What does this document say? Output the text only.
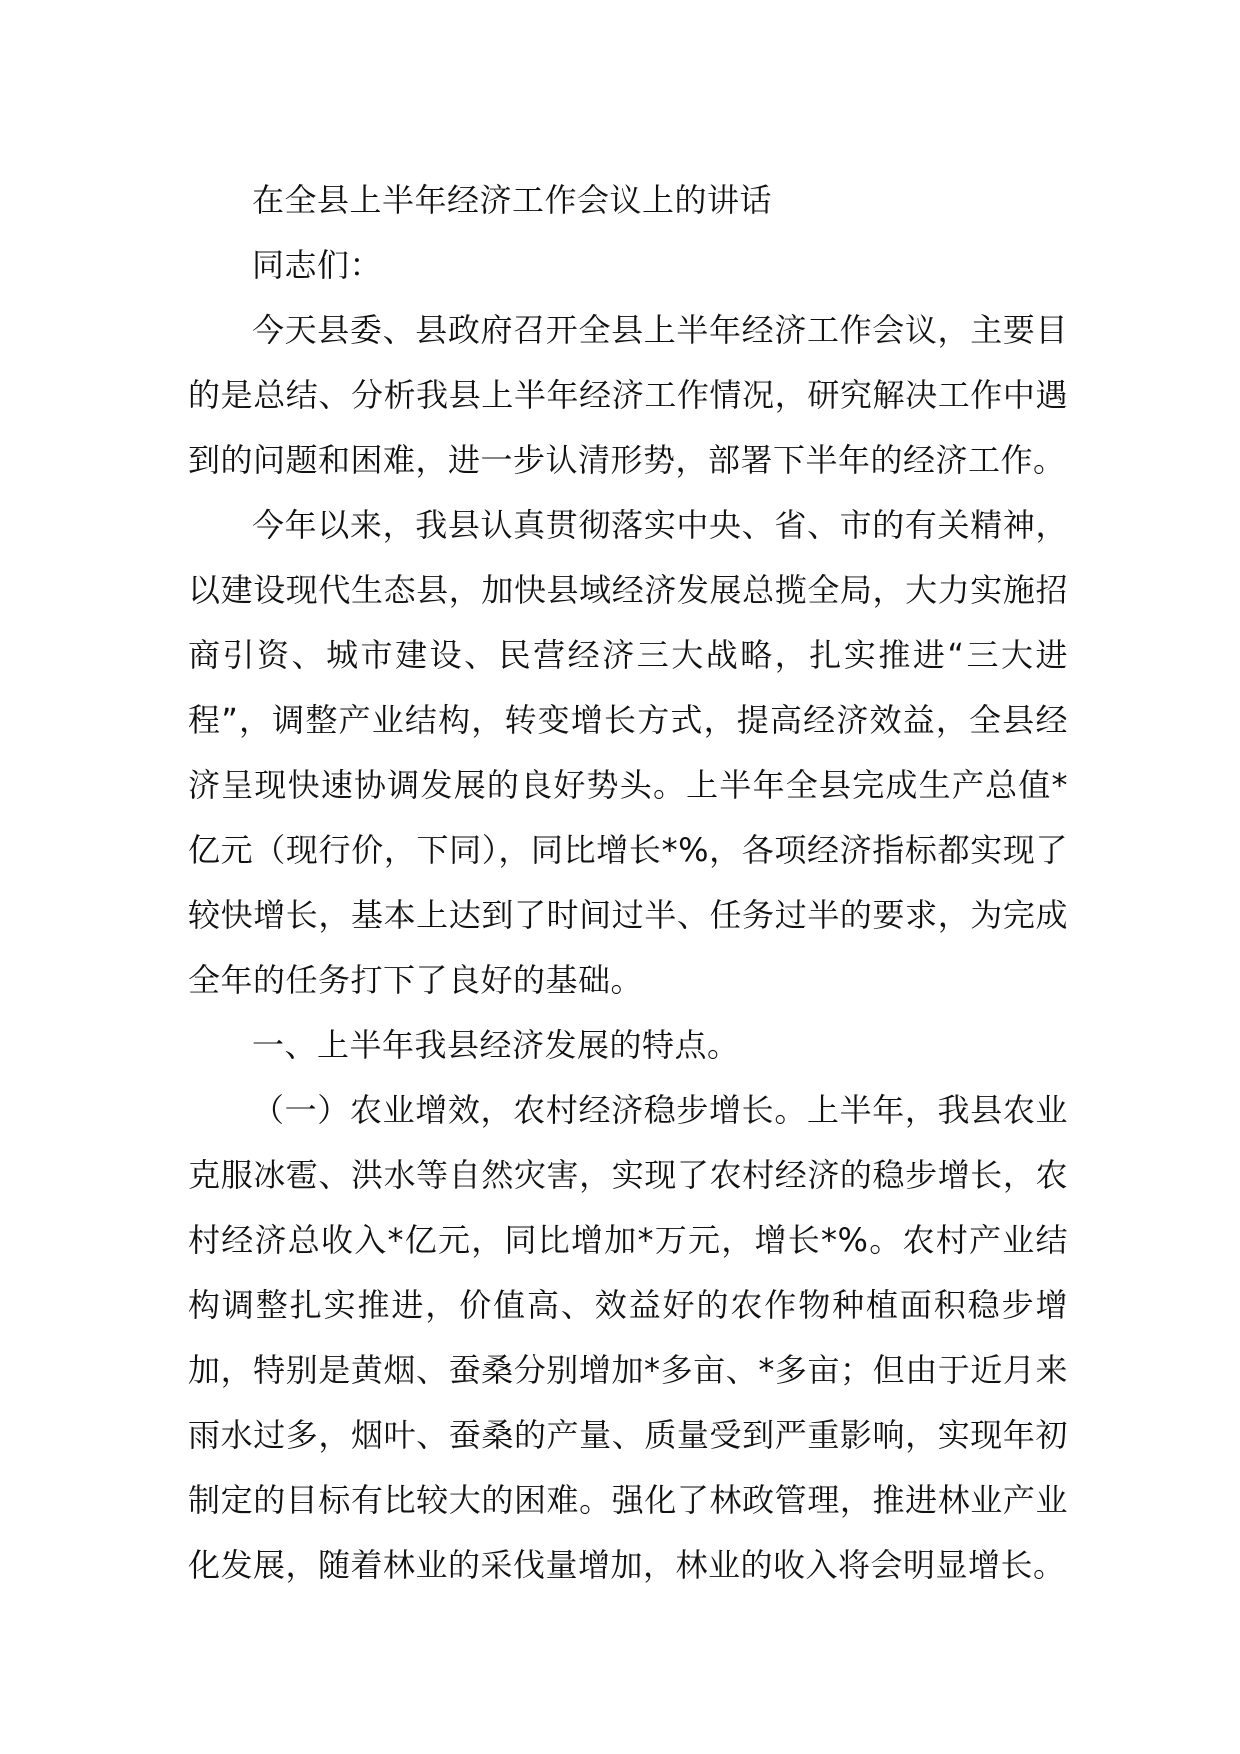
在全县上半年经济工作会议上的讲话

同志们：

今天县委、县政府召开全县上半年经济工作会议，主要目的是总结、分析我县上半年经济工作情况，研究解决工作中遇到的问题和困难，进一步认清形势，部署下半年的经济工作。

今年以来，我县认真贯彻落实中央、省、市的有关精神，以建设现代生态县，加快县域经济发展总揽全局，大力实施招商引资、城市建设、民营经济三大战略，扎实推进“三大进程”，调整产业结构，转变增长方式，提高经济效益，全县经济呈现快速协调发展的良好势头。上半年全县完成生产总值*亿元（现行价，下同），同比增长*%，各项经济指标都实现了较快增长，基本上达到了时间过半、任务过半的要求，为完成全年的任务打下了良好的基础。

一、上半年我县经济发展的特点。

（一）农业增效，农村经济稳步增长。上半年，我县农业克服冰雹、洪水等自然灾害，实现了农村经济的稳步增长，农村经济总收入*亿元，同比增加*万元，增长*%。农村产业结构调整扎实推进，价值高、效益好的农作物种植面积稳步增加，特别是黄烟、蚕桑分别增加*多亩、*多亩；但由于近月来雨水过多，烟叶、蚕桑的产量、质量受到严重影响，实现年初制定的目标有比较大的困难。强化了林政管理，推进林业产业化发展，随着林业的采伐量增加，林业的收入将会明显增长。
